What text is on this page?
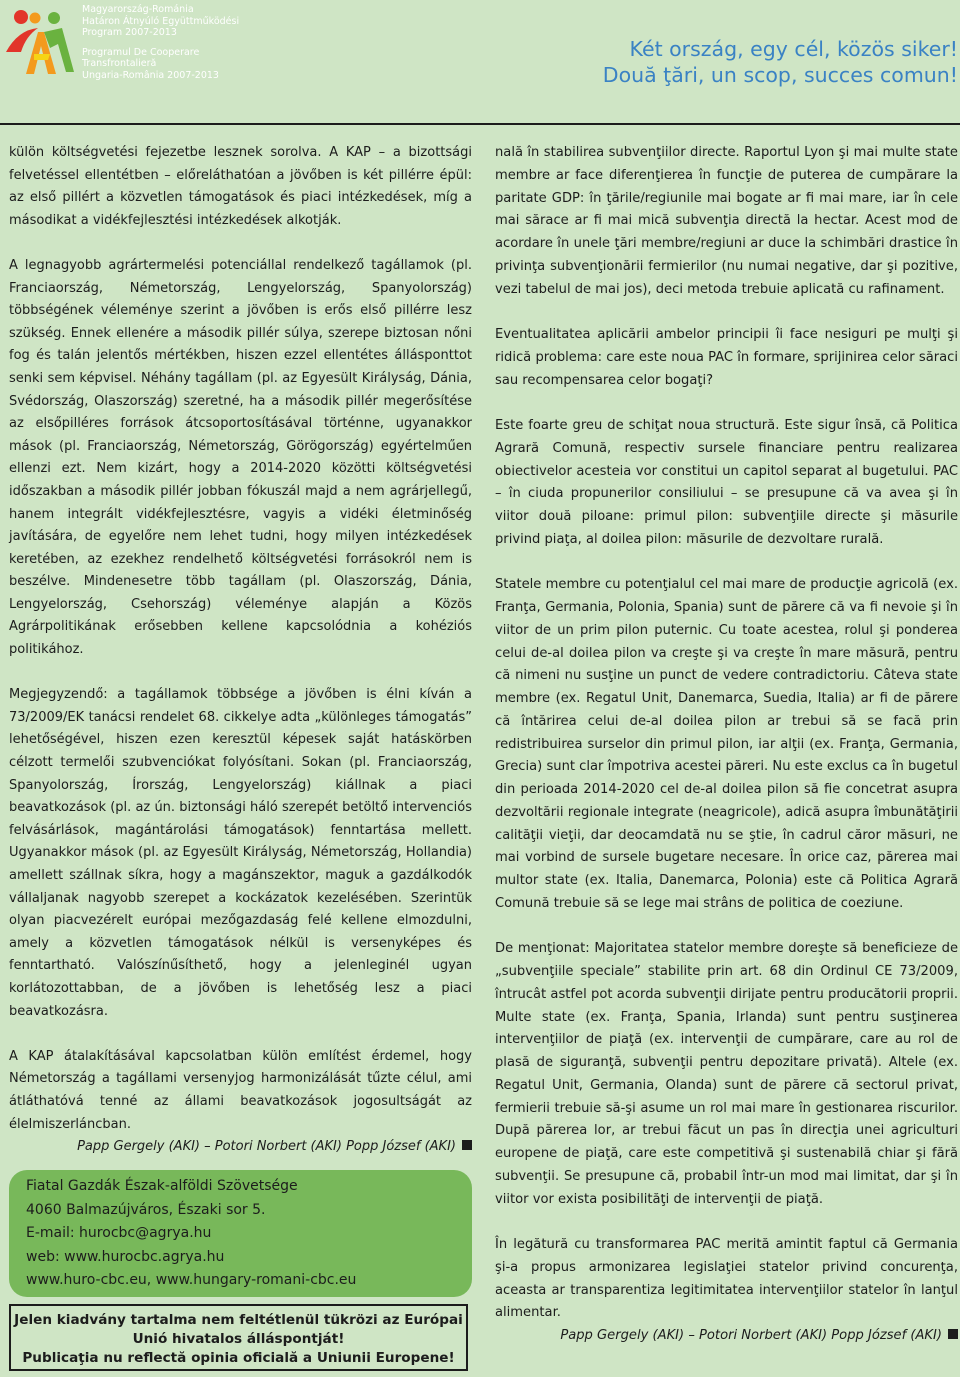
Magyarország-Románia
Határon Átnyúló Együttműködési
Program 2007-2013
Programul De Cooperare
Transfrontalieră
Ungaria-România 2007-2013
Két ország, egy cél, közös siker!
Două ţări, un scop, succes comun!

külön költségvetési fejezetbe lesznek sorolva. A KAP – a bizottsági felvetéssel ellentétben – előreláthatóan a jövőben is két pillérre épül: az első pillért a közvetlen támogatások és piaci intézkedések, míg a másodikat a vidékfejlesztési intézkedések alkotják.

A legnagyobb agrártermelési potenciállal rendelkező tagállamok (pl. Franciaország, Németország, Lengyelország, Spanyolország) többségének véleménye szerint a jövőben is erős első pillérre lesz szükség. Ennek ellenére a második pillér súlya, szerepe biztosan nőni fog és talán jelentős mértékben, hiszen ezzel ellentétes állásponttot senki sem képvisel. Néhány tagállam (pl. az Egyesült Királyság, Dánia, Svédország, Olaszország) szeretné, ha a második pillér megerősítése az elsőpilléres források átcsoportosításával történne, ugyanakkor mások (pl. Franciaország, Németország, Görögország) egyértelműen ellenzi ezt. Nem kizárt, hogy a 2014-2020 közötti költségvetési időszakban a második pillér jobban fókuszál majd a nem agrárjellegű, hanem integrált vidékfejlesztésre, vagyis a vidéki életminőség javítására, de egyelőre nem lehet tudni, hogy milyen intézkedések keretében, az ezekhez rendelhető költségvetési forrásokról nem is beszélve. Mindenesetre több tagállam (pl. Olaszország, Dánia, Lengyelország, Csehország) véleménye alapján a Közös Agrárpolitikának erősebben kellene kapcsolódnia a kohéziós politikához.

Megjegyzendő: a tagállamok többsége a jövőben is élni kíván a 73/2009/EK tanácsi rendelet 68. cikkelye adta „különleges támogatás” lehetőségével, hiszen ezen keresztül képesek saját hatáskörben célzott termelői szubvenciókat folyósítani. Sokan (pl. Franciaország, Spanyolország, Írország, Lengyelország) kiállnak a piaci beavatkozások (pl. az ún. biztonsági háló szerepét betöltő intervenciós felvásárlások, magántárolási támogatások) fenntartása mellett. Ugyanakkor mások (pl. az Egyesült Királyság, Németország, Hollandia) amellett szállnak síkra, hogy a magánszektor, maguk a gazdálkodók vállaljanak nagyobb szerepet a kockázatok kezelésében. Szerintük olyan piacvezérelt európai mezőgazdaság felé kellene elmozdulni, amely a közvetlen támogatások nélkül is versenyképes és fenntartható. Valószínűsíthető, hogy a jelenleginél ugyan korlátozottabban, de a jövőben is lehetőség lesz a piaci beavatkozásra.

A KAP átalakításával kapcsolatban külön említést érdemel, hogy Németország a tagállami versenyjog harmonizálását tűzte célul, ami átláthatóvá tenné az állami beavatkozások jogosultságát az élelmiszerláncban.

Papp Gergely (AKI) – Potori Norbert (AKI) Popp József (AKI)
Fiatal Gazdák Észak-alföldi Szövetsége
4060 Balmazújváros, Északi sor 5.
E-mail: hurocbc@agrya.hu
web: www.hurocbc.agrya.hu
www.huro-cbc.eu, www.hungary-romani-cbc.eu
Jelen kiadvány tartalma nem feltétlenül tükrözi az Európai
Unió hivatalos álláspontját!
Publicaţia nu reflectă opinia oficială a Uniunii Europene!

nală în stabilirea subvenţiilor directe. Raportul Lyon şi mai multe state membre ar face diferenţierea în funcţie de puterea de cumpărare la paritate GDP: în ţările/regiunile mai bogate ar fi mai mare, iar în cele mai sărace ar fi mai mică subvenţia directă la hectar. Acest mod de acordare în unele ţări membre/regiuni ar duce la schimbări drastice în privinţa subvenţionării fermierilor (nu numai negative, dar şi pozitive, vezi tabelul de mai jos), deci metoda trebuie aplicată cu rafinament.

Eventualitatea aplicării ambelor principii îi face nesiguri pe mulţi şi ridică problema: care este noua PAC în formare, sprijinirea celor săraci sau recompensarea celor bogaţi?

Este foarte greu de schiţat noua structură. Este sigur însă, că Politica Agrară Comună, respectiv sursele financiare pentru realizarea obiectivelor acesteia vor constitui un capitol separat al bugetului. PAC – în ciuda propunerilor consiliului – se presupune că va avea şi în viitor două piloane: primul pilon: subvenţiile directe şi măsurile privind piaţa, al doilea pilon: măsurile de dezvoltare rurală.

Statele membre cu potenţialul cel mai mare de producţie agricolă (ex. Franţa, Germania, Polonia, Spania) sunt de părere că va fi nevoie şi în viitor de un prim pilon puternic. Cu toate acestea, rolul şi ponderea celui de-al doilea pilon va creşte şi va creşte în mare măsură, pentru că nimeni nu susţine un punct de vedere contradictoriu. Câteva state membre (ex. Regatul Unit, Danemarca, Suedia, Italia) ar fi de părere că întărirea celui de-al doilea pilon ar trebui să se facă prin redistribuirea surselor din primul pilon, iar alţii (ex. Franţa, Germania, Grecia) sunt clar împotriva acestei păreri. Nu este exclus ca în bugetul din perioada 2014-2020 cel de-al doilea pilon să fie concetrat asupra dezvoltării regionale integrate (neagricole), adică asupra îmbunătăţirii calităţii vieţii, dar deocamdată nu se ştie, în cadrul căror măsuri, ne mai vorbind de sursele bugetare necesare. În orice caz, părerea mai multor state (ex. Italia, Danemarca, Polonia) este că Politica Agrară Comună trebuie să se lege mai strâns de politica de coeziune.

De menţionat: Majoritatea statelor membre doreşte să beneficieze de „subvenţiile speciale” stabilite prin art. 68 din Ordinul CE 73/2009, întrucât astfel pot acorda subvenţii dirijate pentru producătorii proprii. Multe state (ex. Franţa, Spania, Irlanda) sunt pentru susţinerea intervenţiilor de piaţă (ex. intervenţii de cumpărare, care au rol de plasă de siguranţă, subvenţii pentru depozitare privată). Altele (ex. Regatul Unit, Germania, Olanda) sunt de părere că sectorul privat, fermierii trebuie să-şi asume un rol mai mare în gestionarea riscurilor. După părerea lor, ar trebui făcut un pas în direcţia unei agriculturi europene de piaţă, care este competitivă şi sustenabilă chiar şi fără subvenţii. Se presupune că, probabil într-un mod mai limitat, dar şi în viitor vor exista posibilităţi de intervenţii de piaţă.

În legătură cu transformarea PAC merită amintit faptul că Germania şi-a propus armonizarea legislaţiei statelor privind concurenţa, aceasta ar transparentiza legitimitatea intervenţiilor statelor în lanţul alimentar.

Papp Gergely (AKI) – Potori Norbert (AKI) Popp József (AKI)
